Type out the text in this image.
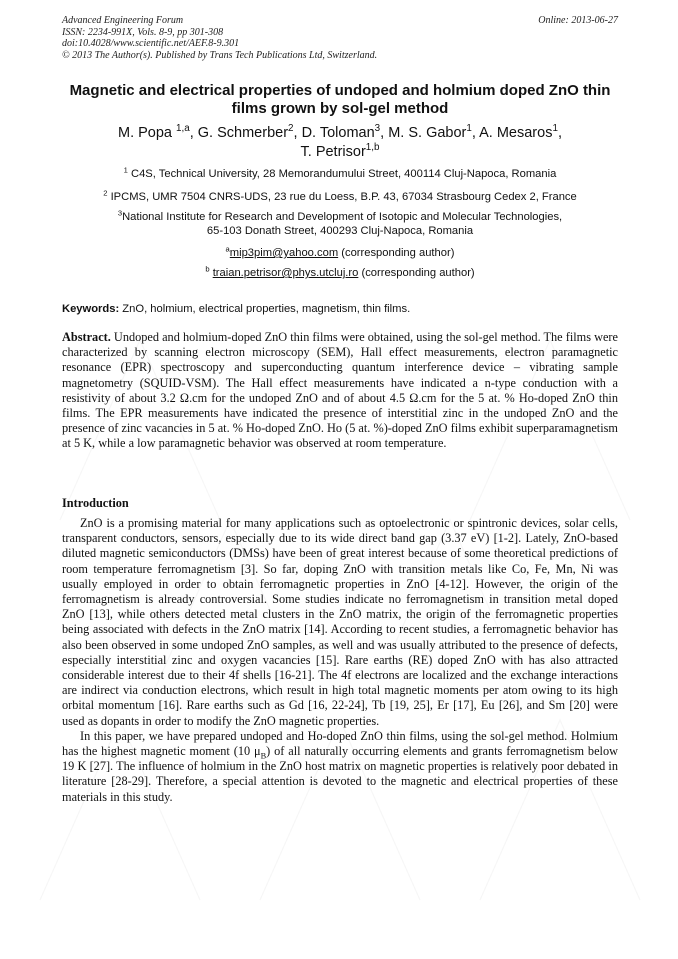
Advanced Engineering Forum
ISSN: 2234-991X, Vols. 8-9, pp 301-308
doi:10.4028/www.scientific.net/AEF.8-9.301
© 2013 The Author(s). Published by Trans Tech Publications Ltd, Switzerland.
Online: 2013-06-27
Magnetic and electrical properties of undoped and holmium doped ZnO thin films grown by sol-gel method
M. Popa $^{1,a}$, G. Schmerber$^2$, D. Toloman$^3$, M. S. Gabor$^1$, A. Mesaros$^1$,
T. Petrisor$^{1,b}$
$^1$ C4S, Technical University, 28 Memorandumului Street, 400114 Cluj-Napoca, Romania
$^2$ IPCMS, UMR 7504 CNRS-UDS, 23 rue du Loess, B.P. 43, 67034 Strasbourg Cedex 2, France
$^3$National Institute for Research and Development of Isotopic and Molecular Technologies,
65-103 Donath Street, 400293 Cluj-Napoca, Romania
$^a$mip3pim@yahoo.com (corresponding author)
$^b$ traian.petrisor@phys.utcluj.ro (corresponding author)
Keywords: ZnO, holmium, electrical properties, magnetism, thin films.
Abstract. Undoped and holmium-doped ZnO thin films were obtained, using the sol-gel method. The films were characterized by scanning electron microscopy (SEM), Hall effect measurements, electron paramagnetic resonance (EPR) spectroscopy and superconducting quantum interference device – vibrating sample magnetometry (SQUID-VSM). The Hall effect measurements have indicated a n-type conduction with a resistivity of about 3.2 Ω.cm for the undoped ZnO and of about 4.5 Ω.cm for the 5 at. % Ho-doped ZnO thin films. The EPR measurements have indicated the presence of interstitial zinc in the undoped ZnO and the presence of zinc vacancies in 5 at. % Ho-doped ZnO. Ho (5 at. %)-doped ZnO films exhibit superparamagnetism at 5 K, while a low paramagnetic behavior was observed at room temperature.
Introduction

ZnO is a promising material for many applications such as optoelectronic or spintronic devices, solar cells, transparent conductors, sensors, especially due to its wide direct band gap (3.37 eV) [1-2]. Lately, ZnO-based diluted magnetic semiconductors (DMSs) have been of great interest because of some theoretical predictions of room temperature ferromagnetism [3]. So far, doping ZnO with transition metals like Co, Fe, Mn, Ni was usually employed in order to obtain ferromagnetic properties in ZnO [4-12]. However, the origin of the ferromagnetism is already controversial. Some studies indicate no ferromagnetism in transition metal doped ZnO [13], while others detected metal clusters in the ZnO matrix, the origin of the ferromagnetic properties being associated with defects in the ZnO matrix [14]. According to recent studies, a ferromagnetic behavior has also been observed in some undoped ZnO samples, as well and was usually attributed to the presence of defects, especially interstitial zinc and oxygen vacancies [15]. Rare earths (RE) doped ZnO with has also attracted considerable interest due to their 4f shells [16-21]. The 4f electrons are localized and the exchange interactions are indirect via conduction electrons, which result in high total magnetic moments per atom owing to its high orbital momentum [16]. Rare earths such as Gd [16, 22-24], Tb [19, 25], Er [17], Eu [26], and Sm [20] were used as dopants in order to modify the ZnO magnetic properties.

In this paper, we have prepared undoped and Ho-doped ZnO thin films, using the sol-gel method. Holmium has the highest magnetic moment (10 $\mu_B$) of all naturally occurring elements and grants ferromagnetism below 19 K [27]. The influence of holmium in the ZnO host matrix on magnetic properties is relatively poor debated in literature [28-29]. Therefore, a special attention is devoted to the magnetic and electrical properties of these materials in this study.
